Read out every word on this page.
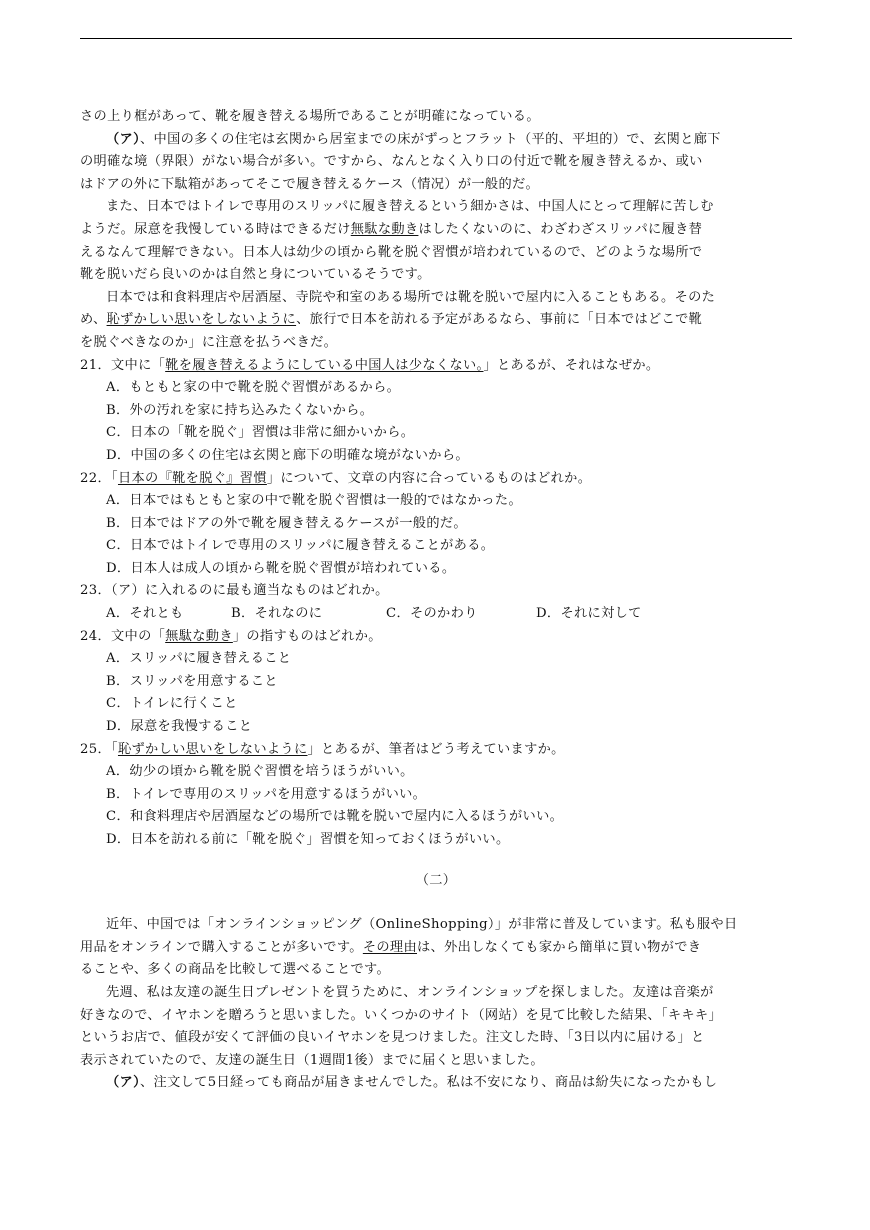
さの上り框があって、靴を履き替える場所であることが明確になっている。
（ア）、中国の多くの住宅は玄関から居室までの床がずっとフラット（平的、平坦的）で、玄関と廊下
の明確な境（界限）がない場合が多い。ですから、なんとなく入り口の付近で靴を履き替えるか、或い
はドアの外に下駄箱があってそこで履き替えるケース（情况）が一般的だ。
また、日本ではトイレで専用のスリッパに履き替えるという細かさは、中国人にとって理解に苦しむ
ようだ。尿意を我慢している時はできるだけ無駄な動きはしたくないのに、わざわざスリッパに履き替
えるなんて理解できない。日本人は幼少の頃から靴を脱ぐ習慣が培われているので、どのような場所で
靴を脱いだら良いのかは自然と身についているそうです。
日本では和食料理店や居酒屋、寺院や和室のある場所では靴を脱いで屋内に入ることもある。そのた
め、恥ずかしい思いをしないように、旅行で日本を訪れる予定があるなら、事前に「日本ではどこで靴
を脱ぐべきなのか」に注意を払うべきだ。
21．文中に「靴を履き替えるようにしている中国人は少なくない。」とあるが、それはなぜか。
A．もともと家の中で靴を脱ぐ習慣があるから。
B．外の汚れを家に持ち込みたくないから。
C．日本の「靴を脱ぐ」習慣は非常に細かいから。
D．中国の多くの住宅は玄関と廊下の明確な境がないから。
22．「日本の『靴を脱ぐ』習慣」について、文章の内容に合っているものはどれか。
A．日本ではもともと家の中で靴を脱ぐ習慣は一般的ではなかった。
B．日本ではドアの外で靴を履き替えるケースが一般的だ。
C．日本ではトイレで専用のスリッパに履き替えることがある。
D．日本人は成人の頃から靴を脱ぐ習慣が培われている。
23．（ア）に入れるのに最も適当なものはどれか。
A．それとも	B．それなのに	C．そのかわり	D．それに対して
24．文中の「無駄な動き」の指すものはどれか。
A．スリッパに履き替えること
B．スリッパを用意すること
C．トイレに行くこと
D．尿意を我慢すること
25．「恥ずかしい思いをしないように」とあるが、筆者はどう考えていますか。
A．幼少の頃から靴を脱ぐ習慣を培うほうがいい。
B．トイレで専用のスリッパを用意するほうがいい。
C．和食料理店や居酒屋などの場所では靴を脱いで屋内に入るほうがいい。
D．日本を訪れる前に「靴を脱ぐ」習慣を知っておくほうがいい。
（二）
近年、中国では「オンラインショッピング（OnlineShopping）」が非常に普及しています。私も服や日
用品をオンラインで購入することが多いです。その理由は、外出しなくても家から簡単に買い物ができ
ることや、多くの商品を比較して選べることです。
先週、私は友達の誕生日プレゼントを買うために、オンラインショップを探しました。友達は音楽が
好きなので、イヤホンを贈ろうと思いました。いくつかのサイト（网站）を見て比較した結果、「キキキ」
というお店で、値段が安くて評価の良いイヤホンを見つけました。注文した時、「3日以内に届ける」と
表示されていたので、友達の誕生日（1週間1後）までに届くと思いました。
（ア）、注文して5日経っても商品が届きませんでした。私は不安になり、商品は紛失になったかもし
